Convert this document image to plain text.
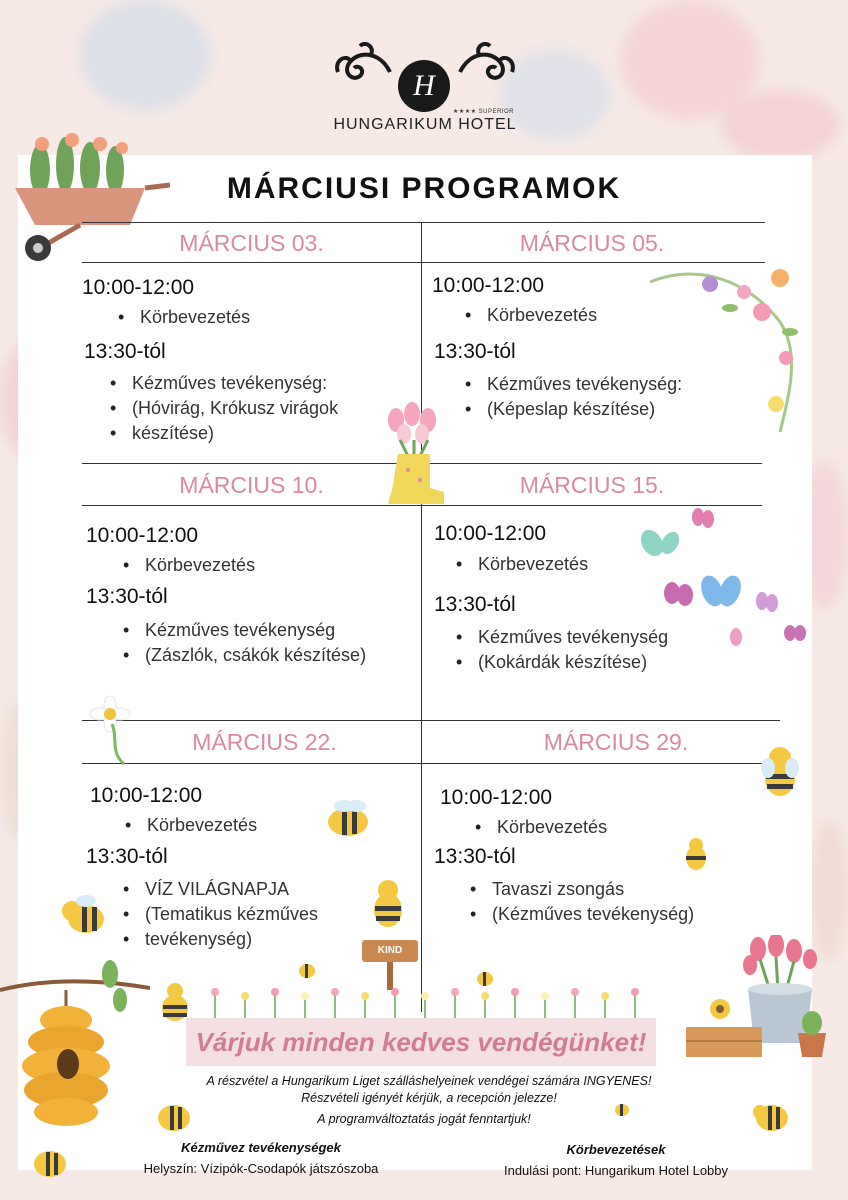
H
★★★★ SUPERIOR
HUNGARIKUM HOTEL
MÁRCIUSI PROGRAMOK
MÁRCIUS 03.
10:00-12:00
• Körbevezetés
13:30-tól
• Kézműves tevékenység:
• (Hóvirág, Krókusz virágok
• készítése)
MÁRCIUS 05.
10:00-12:00
• Körbevezetés
13:30-tól
• Kézműves tevékenység:
• (Képeslap készítése)
MÁRCIUS 10.
10:00-12:00
• Körbevezetés
13:30-tól
• Kézműves tevékenység
• (Zászlók, csákók készítése)
MÁRCIUS 15.
10:00-12:00
• Körbevezetés
13:30-tól
• Kézműves tevékenység
• (Kokárdák készítése)
MÁRCIUS 22.
10:00-12:00
• Körbevezetés
13:30-tól
• VÍZ VILÁGNAPJA
• (Tematikus kézműves
• tevékenység)
MÁRCIUS 29.
10:00-12:00
• Körbevezetés
13:30-tól
• Tavaszi zsongás
• (Kézműves tevékenység)
KIND
Várjuk minden kedves vendégünket!
A részvétel a Hungarikum Liget szálláshelyeinek vendégei számára INGYENES!
Részvételi igényét kérjük, a recepción jelezze!
A programváltoztatás jogát fenntartjuk!
Kézművez tevékenységek
Helyszín: Vízipók-Csodapók játszószoba
Körbevezetések
Indulási pont: Hungarikum Hotel Lobby
